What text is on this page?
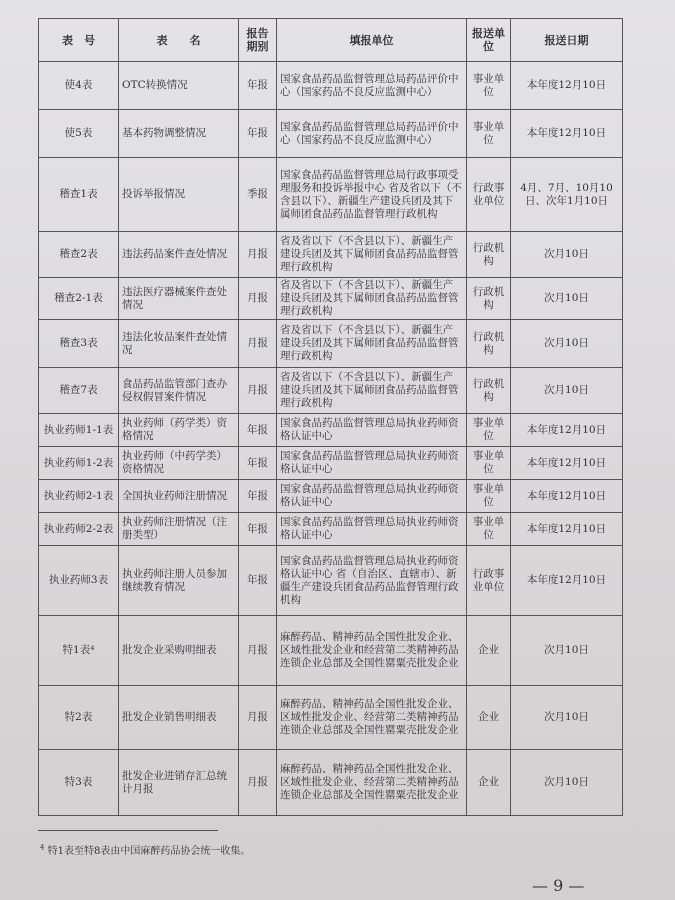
表　号	表　　名	报告期别	填报单位	报送单位	报送日期
使4表	OTC转换情况	年报	国家食品药品监督管理总局药品评价中心（国家药品不良反应监测中心）	事业单位	本年度12月10日
使5表	基本药物调整情况	年报	国家食品药品监督管理总局药品评价中心（国家药品不良反应监测中心）	事业单位	本年度12月10日
稽查1表	投诉举报情况	季报	国家食品药品监督管理总局行政事项受理服务和投诉举报中心 省及省以下（不含县以下）、新疆生产建设兵团及其下属师团食品药品监督管理行政机构	行政事业单位	4月、7月、10月10日、次年1月10日
稽查2表	违法药品案件查处情况	月报	省及省以下（不含县以下）、新疆生产建设兵团及其下属师团食品药品监督管理行政机构	行政机构	次月10日
稽查2-1表	违法医疗器械案件查处情况	月报	省及省以下（不含县以下）、新疆生产建设兵团及其下属师团食品药品监督管理行政机构	行政机构	次月10日
稽查3表	违法化妆品案件查处情况	月报	省及省以下（不含县以下）、新疆生产建设兵团及其下属师团食品药品监督管理行政机构	行政机构	次月10日
稽查7表	食品药品监管部门查办侵权假冒案件情况	月报	省及省以下（不含县以下）、新疆生产建设兵团及其下属师团食品药品监督管理行政机构	行政机构	次月10日
执业药师1-1表	执业药师（药学类）资格情况	年报	国家食品药品监督管理总局执业药师资格认证中心	事业单位	本年度12月10日
执业药师1-2表	执业药师（中药学类）资格情况	年报	国家食品药品监督管理总局执业药师资格认证中心	事业单位	本年度12月10日
执业药师2-1表	全国执业药师注册情况	年报	国家食品药品监督管理总局执业药师资格认证中心	事业单位	本年度12月10日
执业药师2-2表	执业药师注册情况（注册类型）	年报	国家食品药品监督管理总局执业药师资格认证中心	事业单位	本年度12月10日
执业药师3表	执业药师注册人员参加继续教育情况	年报	国家食品药品监督管理总局执业药师资格认证中心 省（自治区、直辖市）、新疆生产建设兵团食品药品监督管理行政机构	行政事业单位	本年度12月10日
特1表⁴	批发企业采购明细表	月报	麻醉药品、精神药品全国性批发企业、区域性批发企业和经营第二类精神药品连锁企业总部及全国性罂粟壳批发企业	企业	次月10日
特2表	批发企业销售明细表	月报	麻醉药品、精神药品全国性批发企业、区域性批发企业、经营第二类精神药品连锁企业总部及全国性罂粟壳批发企业	企业	次月10日
特3表	批发企业进销存汇总统计月报	月报	麻醉药品、精神药品全国性批发企业、区域性批发企业、经营第二类精神药品连锁企业总部及全国性罂粟壳批发企业	企业	次月10日
$^4$ 特1表至特8表由中国麻醉药品协会统一收集。
— 9 —
